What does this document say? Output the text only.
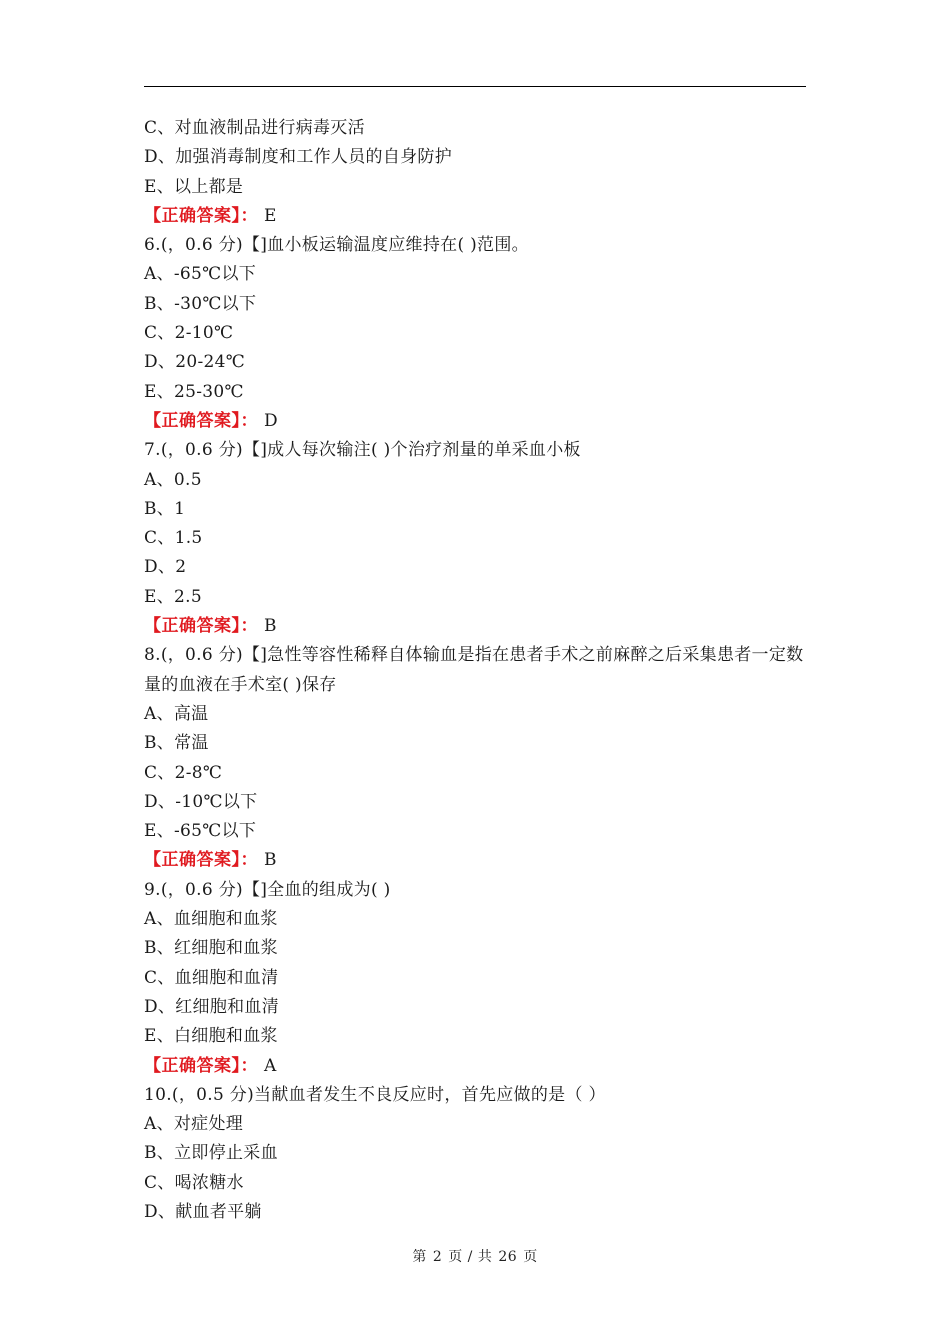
C、对血液制品进行病毒灭活
D、加强消毒制度和工作人员的自身防护
E、以上都是
【正确答案】： E
6.(，0.6 分)【]血小板运输温度应维持在( )范围。
A、-65℃以下
B、-30℃以下
C、2-10℃
D、20-24℃
E、25-30℃
【正确答案】： D
7.(，0.6 分)【]成人每次输注( )个治疗剂量的单采血小板
A、0.5
B、1
C、1.5
D、2
E、2.5
【正确答案】： B
8.(，0.6 分)【]急性等容性稀释自体输血是指在患者手术之前麻醉之后采集患者一定数量的血液在手术室( )保存
A、高温
B、常温
C、2-8℃
D、-10℃以下
E、-65℃以下
【正确答案】： B
9.(，0.6 分)【]全血的组成为( )
A、血细胞和血浆
B、红细胞和血浆
C、血细胞和血清
D、红细胞和血清
E、白细胞和血浆
【正确答案】： A
10.(，0.5 分)当献血者发生不良反应时，首先应做的是（ ）
A、对症处理
B、立即停止采血
C、喝浓糖水
D、献血者平躺
第 2 页 / 共 26 页
